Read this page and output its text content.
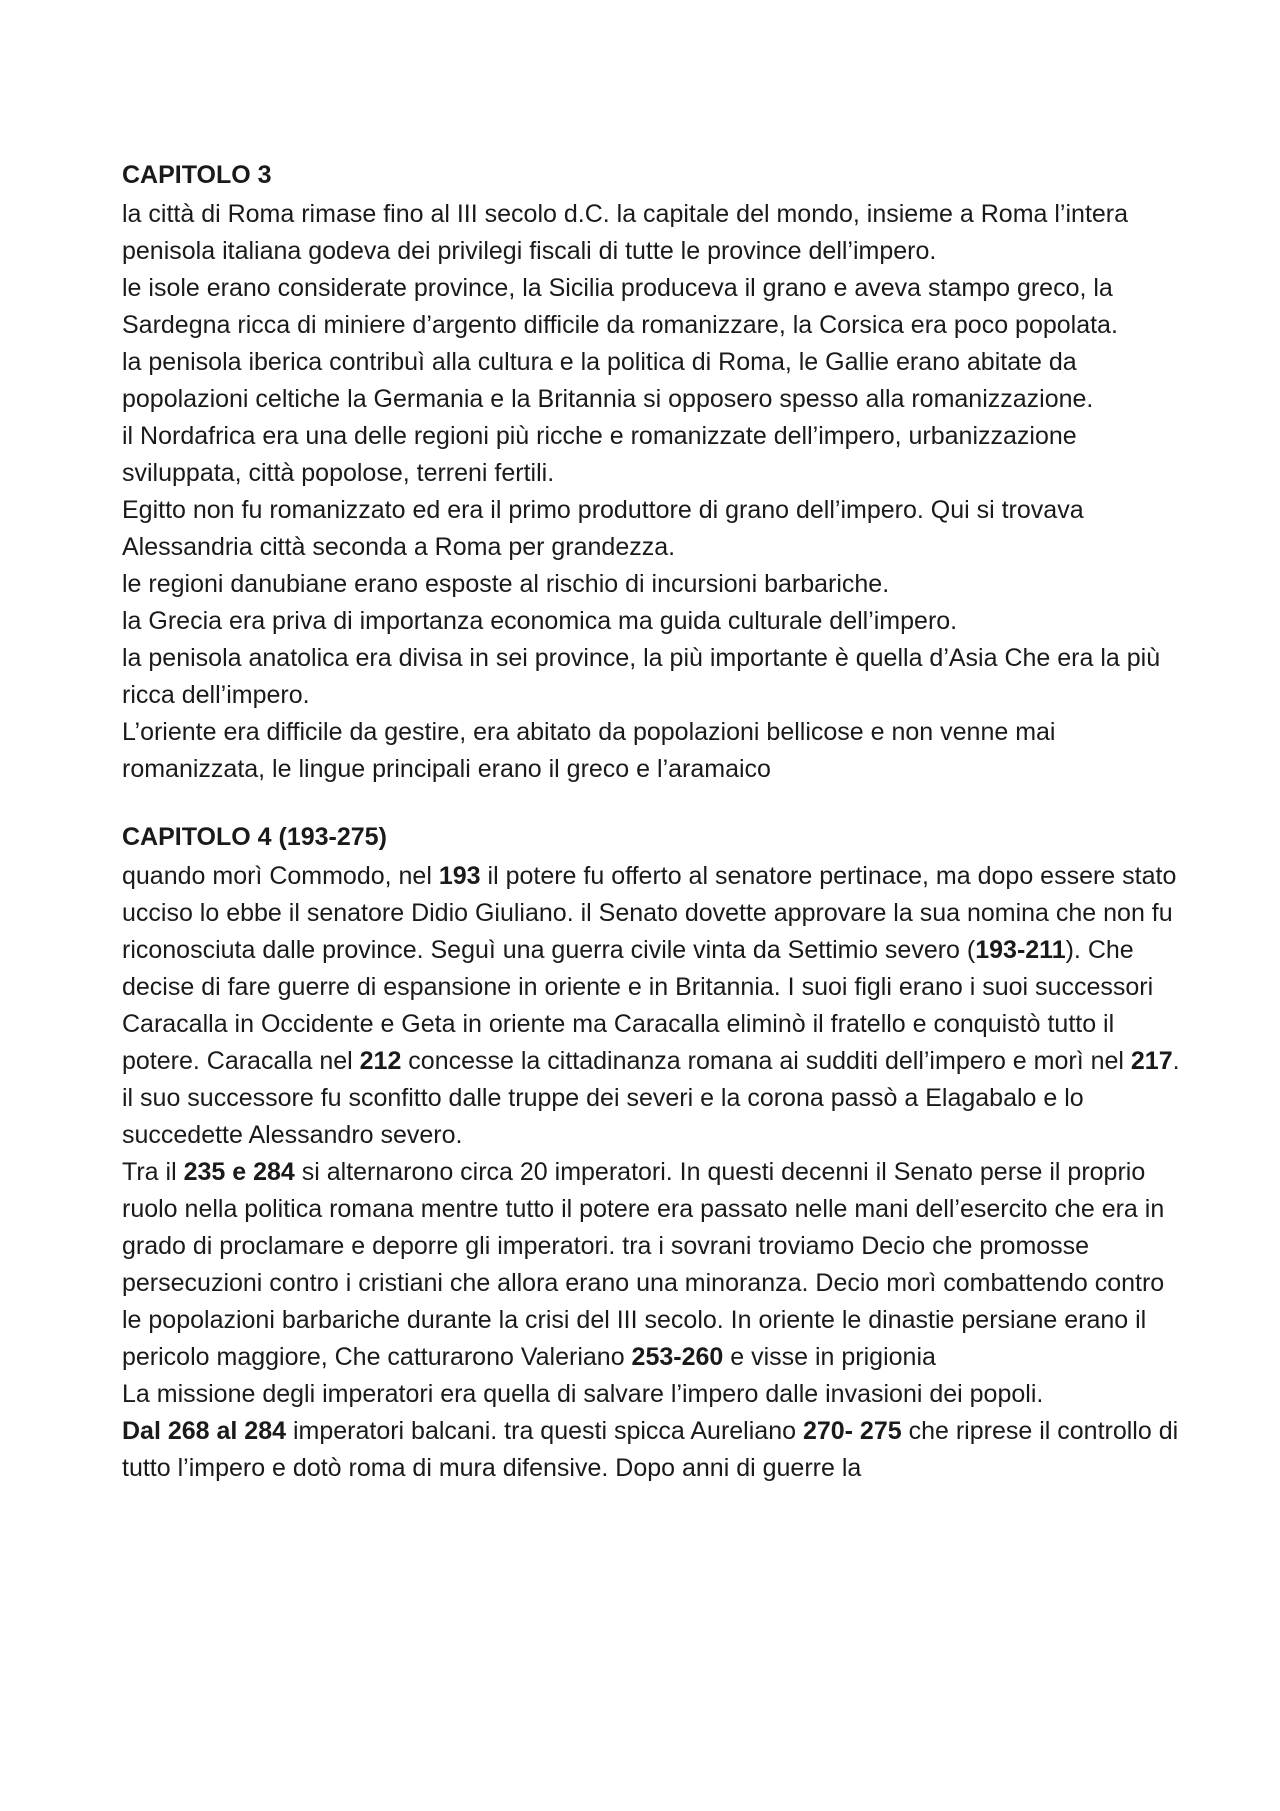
CAPITOLO 3

la città di Roma rimase fino al III secolo d.C. la capitale del mondo, insieme a Roma l’intera penisola italiana godeva dei privilegi fiscali di tutte le province dell’impero.

le isole erano considerate province, la Sicilia produceva il grano e aveva stampo greco, la Sardegna ricca di miniere d’argento difficile da romanizzare, la Corsica era poco popolata.

la penisola iberica contribuì alla cultura e la politica di Roma, le Gallie erano abitate da popolazioni celtiche la Germania e la Britannia si opposero spesso alla romanizzazione.

il Nordafrica era una delle regioni più ricche e romanizzate dell’impero, urbanizzazione sviluppata, città popolose, terreni fertili.

Egitto non fu romanizzato ed era il primo produttore di grano dell’impero. Qui si trovava Alessandria città seconda a Roma per grandezza.

le regioni danubiane erano esposte al rischio di incursioni barbariche.

la Grecia era priva di importanza economica ma guida culturale dell’impero.

la penisola anatolica era divisa in sei province, la più importante è quella d’Asia Che era la più ricca dell’impero.

L’oriente era difficile da gestire, era abitato da popolazioni bellicose e non venne mai romanizzata, le lingue principali erano il greco e l’aramaico

CAPITOLO 4 (193-275)

quando morì Commodo, nel 193 il potere fu offerto al senatore pertinace, ma dopo essere stato ucciso lo ebbe il senatore Didio Giuliano. il Senato dovette approvare la sua nomina che non fu riconosciuta dalle province. Seguì una guerra civile vinta da Settimio severo (193-211). Che decise di fare guerre di espansione in oriente e in Britannia. I suoi figli erano i suoi successori Caracalla in Occidente e Geta in oriente ma Caracalla eliminò il fratello e conquistò tutto il potere. Caracalla nel 212 concesse la cittadinanza romana ai sudditi dell’impero e morì nel 217. il suo successore fu sconfitto dalle truppe dei severi e la corona passò a Elagabalo e lo succedette Alessandro severo.

Tra il 235 e 284 si alternarono circa 20 imperatori. In questi decenni il Senato perse il proprio ruolo nella politica romana mentre tutto il potere era passato nelle mani dell’esercito che era in grado di proclamare e deporre gli imperatori. tra i sovrani troviamo Decio che promosse persecuzioni contro i cristiani che allora erano una minoranza. Decio morì combattendo contro le popolazioni barbariche durante la crisi del III secolo. In oriente le dinastie persiane erano il pericolo maggiore, Che catturarono Valeriano 253-260 e visse in prigionia

La missione degli imperatori era quella di salvare l’impero dalle invasioni dei popoli.

Dal 268 al 284 imperatori balcani. tra questi spicca Aureliano 270- 275 che riprese il controllo di tutto l’impero e dotò roma di mura difensive. Dopo anni di guerre la
